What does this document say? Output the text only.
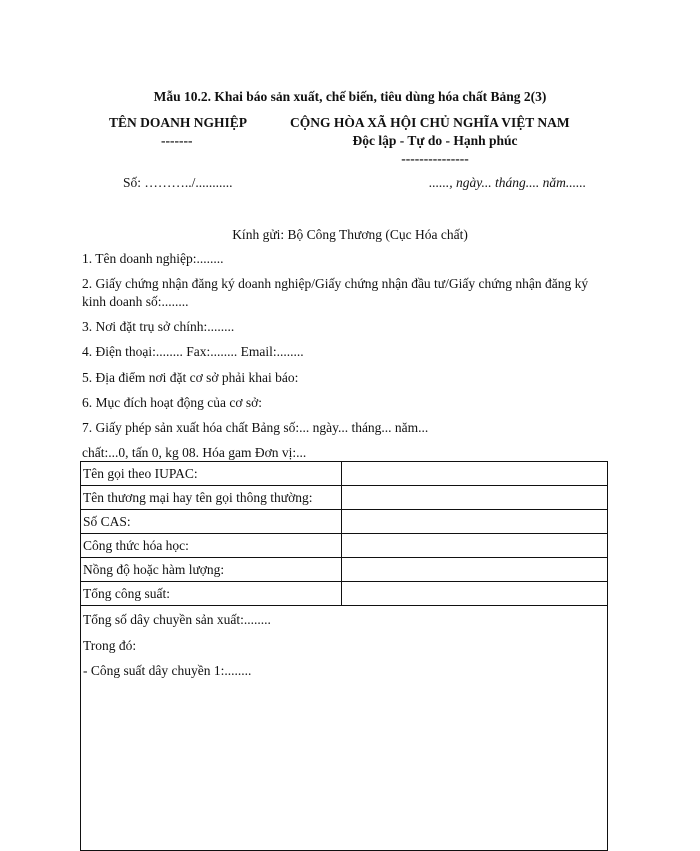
Mẫu 10.2. Khai báo sản xuất, chế biến, tiêu dùng hóa chất Bảng 2(3)
TÊN DOANH NGHIỆP
-------
CỘNG HÒA XÃ HỘI CHỦ NGHĨA VIỆT NAM
Độc lập - Tự do - Hạnh phúc
---------------
Số: ………../...........	......, ngày... tháng.... năm......
Kính gửi: Bộ Công Thương (Cục Hóa chất)
1. Tên doanh nghiệp:........
2. Giấy chứng nhận đăng ký doanh nghiệp/Giấy chứng nhận đầu tư/Giấy chứng nhận đăng ký
kinh doanh số:........
3. Nơi đặt trụ sở chính:........
4. Điện thoại:........ Fax:........ Email:........
5. Địa điểm nơi đặt cơ sở phải khai báo:
6. Mục đích hoạt động của cơ sở:
7. Giấy phép sản xuất hóa chất Bảng số:... ngày... tháng... năm...
chất:...0, tấn 0, kg 08. Hóa gam Đơn vị:...
Tên gọi theo IUPAC:	
Tên thương mại hay tên gọi thông thường:	
Số CAS:	
Công thức hóa học:	
Nồng độ hoặc hàm lượng:	
Tổng công suất:	

Tổng số dây chuyền sản xuất:........
Trong đó:
- Công suất dây chuyền 1:........	
